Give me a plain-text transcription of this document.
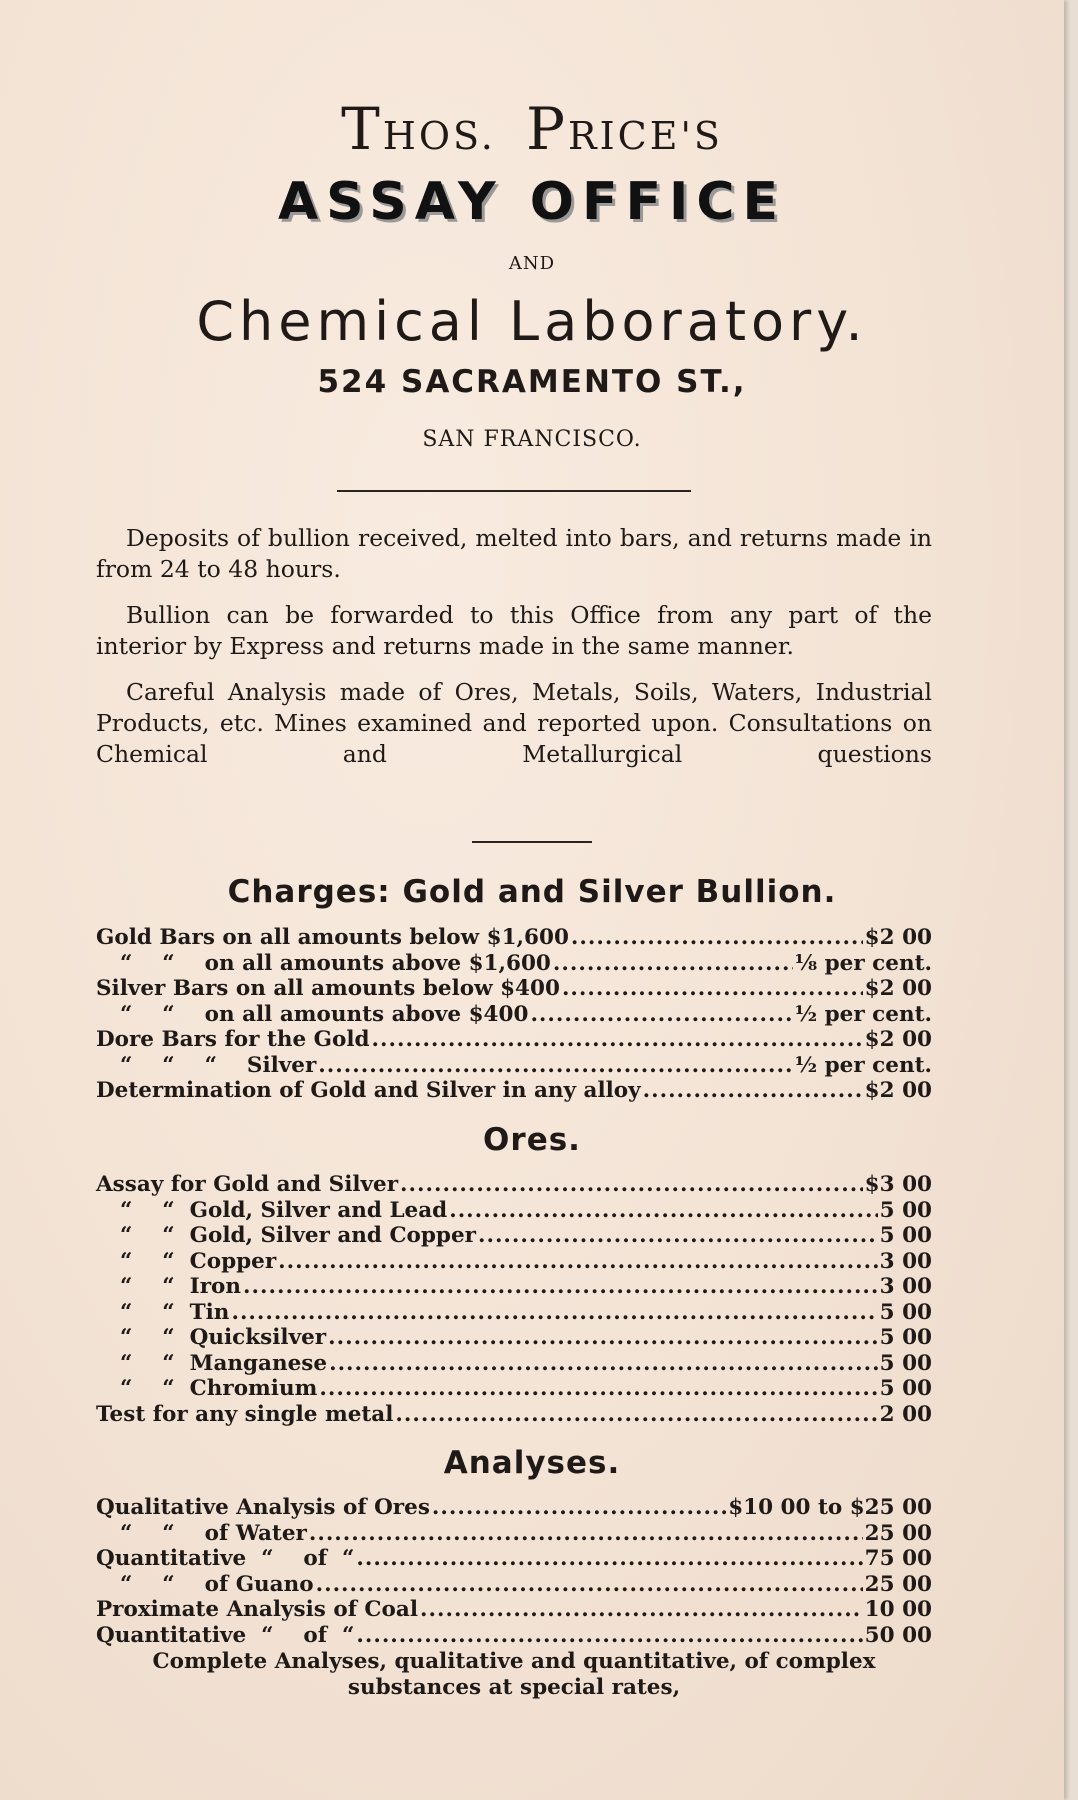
THOS. PRICE'S
ASSAY OFFICE
AND
Chemical Laboratory.
524 SACRAMENTO ST.,
SAN FRANCISCO.

Deposits of bullion received, melted into bars, and returns made in from 24 to 48 hours.

Bullion can be forwarded to this Office from any part of the interior by Express and returns made in the same manner.

Careful Analysis made of Ores, Metals, Soils, Waters, Industrial Products, etc. Mines examined and reported upon. Consultations on Chemical and Metallurgical questions

Charges: Gold and Silver Bullion.
Gold Bars on all amounts below $1,600 .....	$2 00
“    “    on all amounts above $1,600 .....	⅛ per cent.
Silver Bars on all amounts below $400 .....	$2 00
“    “    on all amounts above $400 .....	½ per cent.
Dore Bars for the Gold .....	$2 00
“    “    “    Silver .....	½ per cent.
Determination of Gold and Silver in any alloy .....	$2 00
Ores.
Assay for Gold and Silver .....	$3 00
“    “  Gold, Silver and Lead .....	5 00
“    “  Gold, Silver and Copper .....	5 00
“    “  Copper .....	3 00
“    “  Iron .....	3 00
“    “  Tin .....	5 00
“    “  Quicksilver .....	5 00
“    “  Manganese .....	5 00
“    “  Chromium .....	5 00
Test for any single metal .....	2 00
Analyses.
Qualitative Analysis of Ores .....	$10 00 to $25 00
“    “    of Water .....	25 00
Quantitative  “    of  “ .....	75 00
“    “    of Guano .....	25 00
Proximate Analysis of Coal .....	10 00
Quantitative  “    of  “ .....	50 00
Complete Analyses, qualitative and quantitative, of complex substances at special rates,
